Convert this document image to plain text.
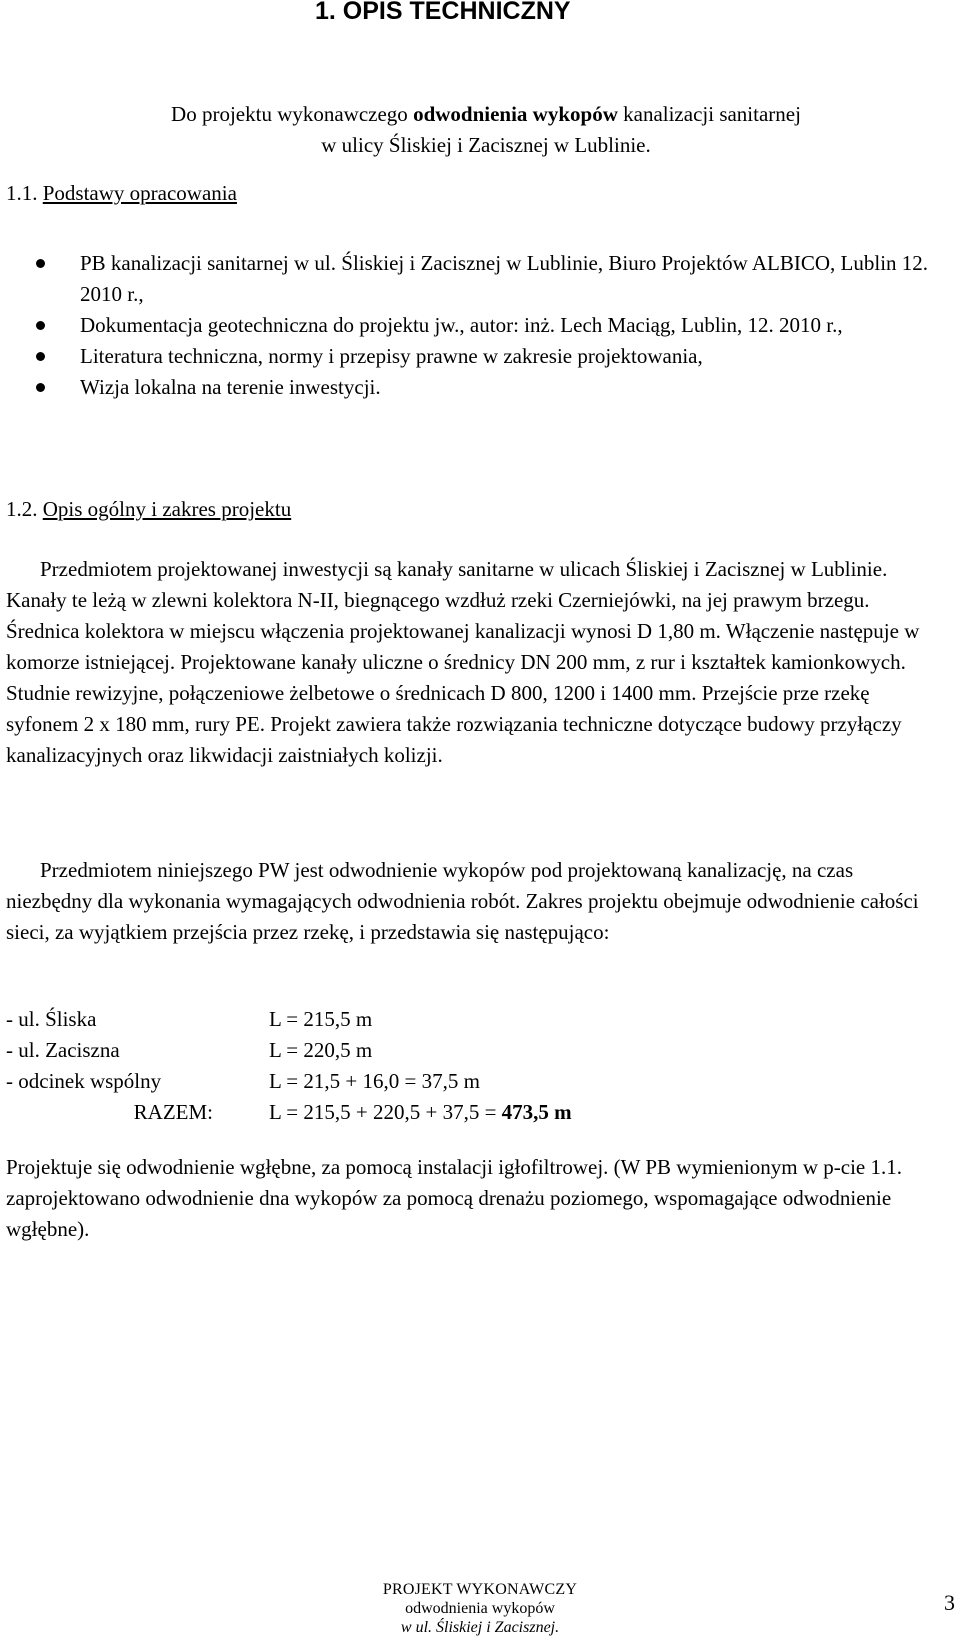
1. OPIS TECHNICZNY
Do projektu wykonawczego odwodnienia wykopów kanalizacji sanitarnej
w ulicy Śliskiej i Zacisznej w Lublinie.
1.1. Podstawy opracowania
PB kanalizacji sanitarnej w ul. Śliskiej i Zacisznej w Lublinie, Biuro Projektów ALBICO, Lublin 12. 2010 r.,
Dokumentacja geotechniczna do projektu jw., autor: inż. Lech Maciąg, Lublin, 12. 2010 r.,
Literatura techniczna, normy i przepisy prawne w zakresie projektowania,
Wizja lokalna na terenie inwestycji.
1.2. Opis ogólny i zakres projektu

Przedmiotem projektowanej inwestycji są kanały sanitarne w ulicach Śliskiej i Zacisznej w Lublinie. Kanały te leżą w zlewni kolektora N-II, biegnącego wzdłuż rzeki Czerniejówki, na jej prawym brzegu. Średnica kolektora w miejscu włączenia projektowanej kanalizacji wynosi D 1,80 m. Włączenie następuje w komorze istniejącej. Projektowane kanały uliczne o średnicy DN 200 mm, z rur i kształtek kamionkowych. Studnie rewizyjne, połączeniowe żelbetowe o średnicach D 800, 1200 i 1400 mm. Przejście prze rzekę syfonem 2 x 180 mm, rury PE. Projekt zawiera także rozwiązania techniczne dotyczące budowy przyłączy kanalizacyjnych oraz likwidacji zaistniałych kolizji.

Przedmiotem niniejszego PW jest odwodnienie wykopów pod projektowaną kanalizację, na czas niezbędny dla wykonania wymagających odwodnienia robót. Zakres projektu obejmuje odwodnienie całości sieci, za wyjątkiem przejścia przez rzekę, i przedstawia się następująco:

- ul. Śliska	L = 215,5 m
- ul. Zaciszna	L = 220,5 m
- odcinek wspólny	L = 21,5 + 16,0 = 37,5 m
RAZEM:	L = 215,5 + 220,5 + 37,5 = 473,5 m

Projektuje się odwodnienie wgłębne, za pomocą instalacji igłofiltrowej. (W PB wymienionym w p-cie 1.1. zaprojektowano odwodnienie dna wykopów za pomocą drenażu poziomego, wspomagające odwodnienie wgłębne).

PROJEKT WYKONAWCZY
odwodnienia wykopów
w ul. Śliskiej i Zacisznej.
3
